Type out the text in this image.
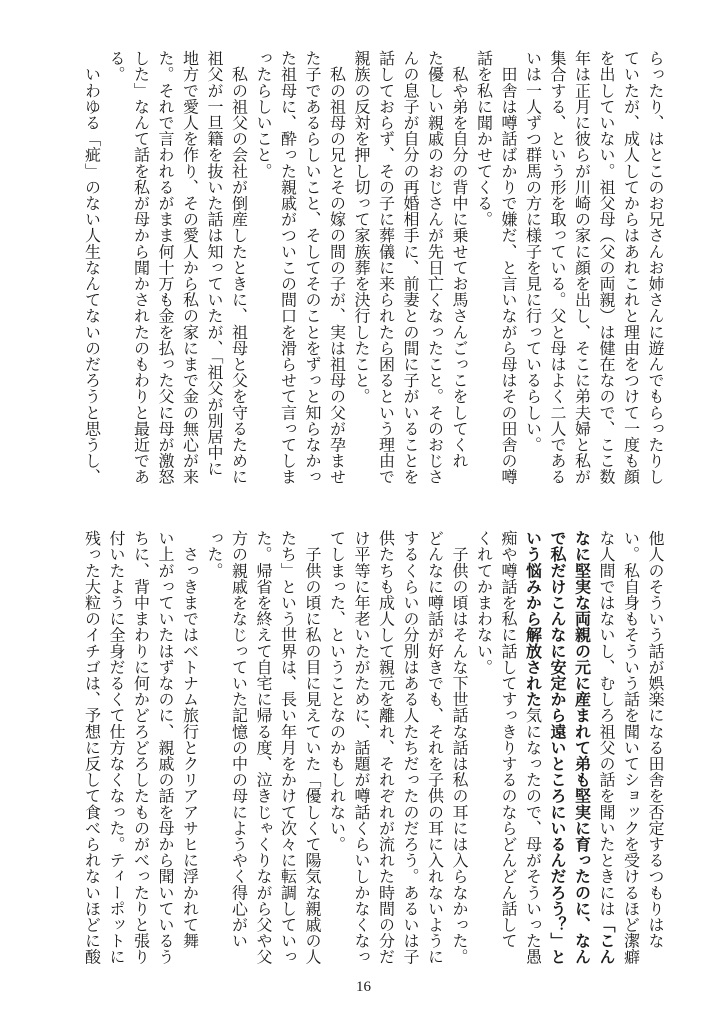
らったり、はとこのお兄さんお姉さんに遊んでもらったりし
ていたが、成人してからはあれこれと理由をつけて一度も顔
を出していない。祖父母（父の両親）は健在なので、ここ数
年は正月に彼らが川崎の家に顔を出し、そこに弟夫婦と私が
集合する、という形を取っている。父と母はよく二人である
いは一人ずつ群馬の方に様子を見に行っているらしい。
　田舎は噂話ばかりで嫌だ、と言いながら母はその田舎の噂
話を私に聞かせてくる。
　私や弟を自分の背中に乗せてお馬さんごっこをしてくれ
た優しい親戚のおじさんが先日亡くなったこと。そのおじさ
んの息子が自分の再婚相手に、前妻との間に子がいることを
話しておらず、その子に葬儀に来られたら困るという理由で
親族の反対を押し切って家族葬を決行したこと。
　私の祖母の兄とその嫁の間の子が、実は祖母の父が孕ませ
た子であるらしいこと、そしてそのことをずっと知らなかっ
た祖母に、酔った親戚がついこの間口を滑らせて言ってしま
ったらしいこと。
　私の祖父の会社が倒産したときに、祖母と父を守るために
祖父が一旦籍を抜いた話は知っていたが、「祖父が別居中に
地方で愛人を作り、その愛人から私の家にまで金の無心が来
た。それで言われるがまま何十万も金を払った父に母が激怒
した」なんて話を私が母から聞かされたのもわりと最近であ
る。
　いわゆる「疵」のない人生なんてないのだろうと思うし、
他人のそういう話が娯楽になる田舎を否定するつもりはな
い。私自身もそういう話を聞いてショックを受けるほど潔癖
な人間ではないし、むしろ祖父の話を聞いたときには「こん
なに堅実な両親の元に産まれて弟も堅実に育ったのに、なん
で私だけこんなに安定から遠いところにいるんだろう？」と
いう悩みから解放された気になったので、母がそういった愚
痴や噂話を私に話してすっきりするのならどんどん話して
くれてかまわない。
　子供の頃はそんな下世話な話は私の耳には入らなかった。
どんなに噂話が好きでも、それを子供の耳に入れないように
するくらいの分別はある人たちだったのだろう。あるいは子
供たちも成人して親元を離れ、それぞれが流れた時間の分だ
け平等に年老いたがために、話題が噂話くらいしかなくなっ
てしまった、ということなのかもしれない。
　子供の頃に私の目に見えていた「優しくて陽気な親戚の人
たち」という世界は、長い年月をかけて次々に転調していっ
た。帰省を終えて自宅に帰る度、泣きじゃくりながら父や父
方の親戚をなじっていた記憶の中の母にようやく得心がい
った。
　さっきまではベトナム旅行とクリアアサヒに浮かれて舞
い上がっていたはずなのに、親戚の話を母から聞いているう
ちに、背中まわりに何かどろどろしたものがべったりと張り
付いたように全身だるくて仕方なくなった。ティーポットに
残った大粒のイチゴは、予想に反して食べられないほどに酸
16
